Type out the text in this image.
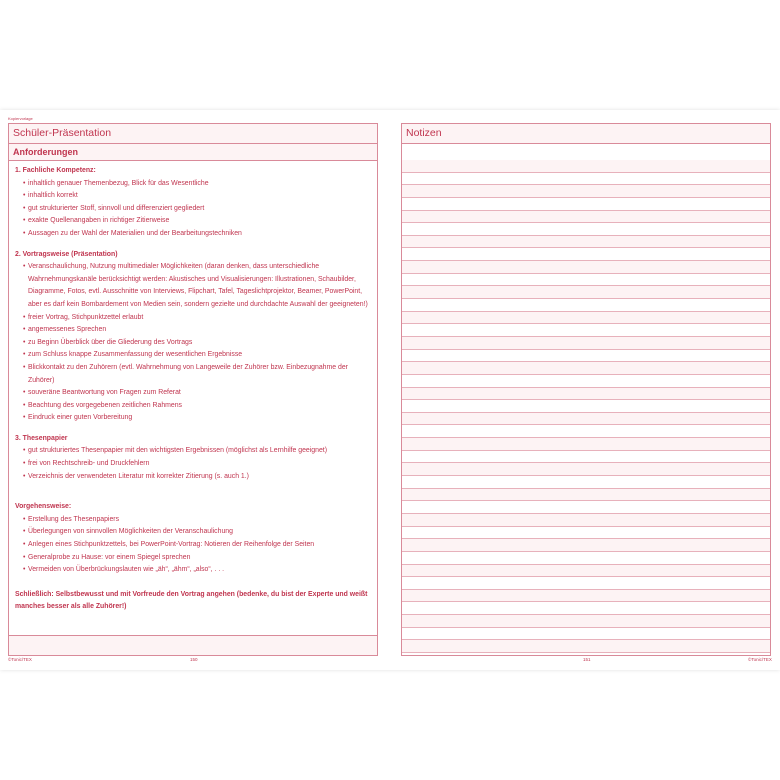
Kopiervorlage
Schüler-Präsentation
Anforderungen
1. Fachliche Kompetenz:
• inhaltlich genauer Themenbezug, Blick für das Wesentliche
• inhaltlich korrekt
• gut strukturierter Stoff, sinnvoll und differenziert gegliedert
• exakte Quellenangaben in richtiger Zitierweise
• Aussagen zu der Wahl der Materialien und der Bearbeitungstechniken
2. Vortragsweise (Präsentation)
• Veranschaulichung, Nutzung multimedialer Möglichkeiten (daran denken, dass unterschiedliche Wahrnehmungskanäle berücksichtigt werden: Akustisches und Visualisierungen: Illustrationen, Schaubilder, Diagramme, Fotos, evtl. Ausschnitte von Interviews, Flipchart, Tafel, Tageslichtprojektor, Beamer, PowerPoint, aber es darf kein Bombardement von Medien sein, sondern gezielte und durchdachte Auswahl der geeigneten!)
• freier Vortrag, Stichpunktzettel erlaubt
• angemessenes Sprechen
• zu Beginn Überblick über die Gliederung des Vortrags
• zum Schluss knappe Zusammenfassung der wesentlichen Ergebnisse
• Blickkontakt zu den Zuhörern (evtl. Wahrnehmung von Langeweile der Zuhörer bzw. Einbezugnahme der Zuhörer)
• souveräne Beantwortung von Fragen zum Referat
• Beachtung des vorgegebenen zeitlichen Rahmens
• Eindruck einer guten Vorbereitung
3. Thesenpapier
• gut strukturiertes Thesenpapier mit den wichtigsten Ergebnissen (möglichst als Lernhilfe geeignet)
• frei von Rechtschreib- und Druckfehlern
• Verzeichnis der verwendeten Literatur mit korrekter Zitierung (s. auch 1.)
Vorgehensweise:
• Erstellung des Thesenpapiers
• Überlegungen von sinnvollen Möglichkeiten der Veranschaulichung
• Anlegen eines Stichpunktzettels, bei PowerPoint-Vortrag: Notieren der Reihenfolge der Seiten
• Generalprobe zu Hause: vor einem Spiegel sprechen
• Vermeiden von Überbrückungslauten wie „äh“, „ähm“, „also“, . . .
Schließlich: Selbstbewusst und mit Vorfreude den Vortrag angehen (bedenke, du bist der Experte und weißt manches besser als alle Zuhörer!)
Notizen
©Tonic/TEX	150	151	©Tonic/TEX
